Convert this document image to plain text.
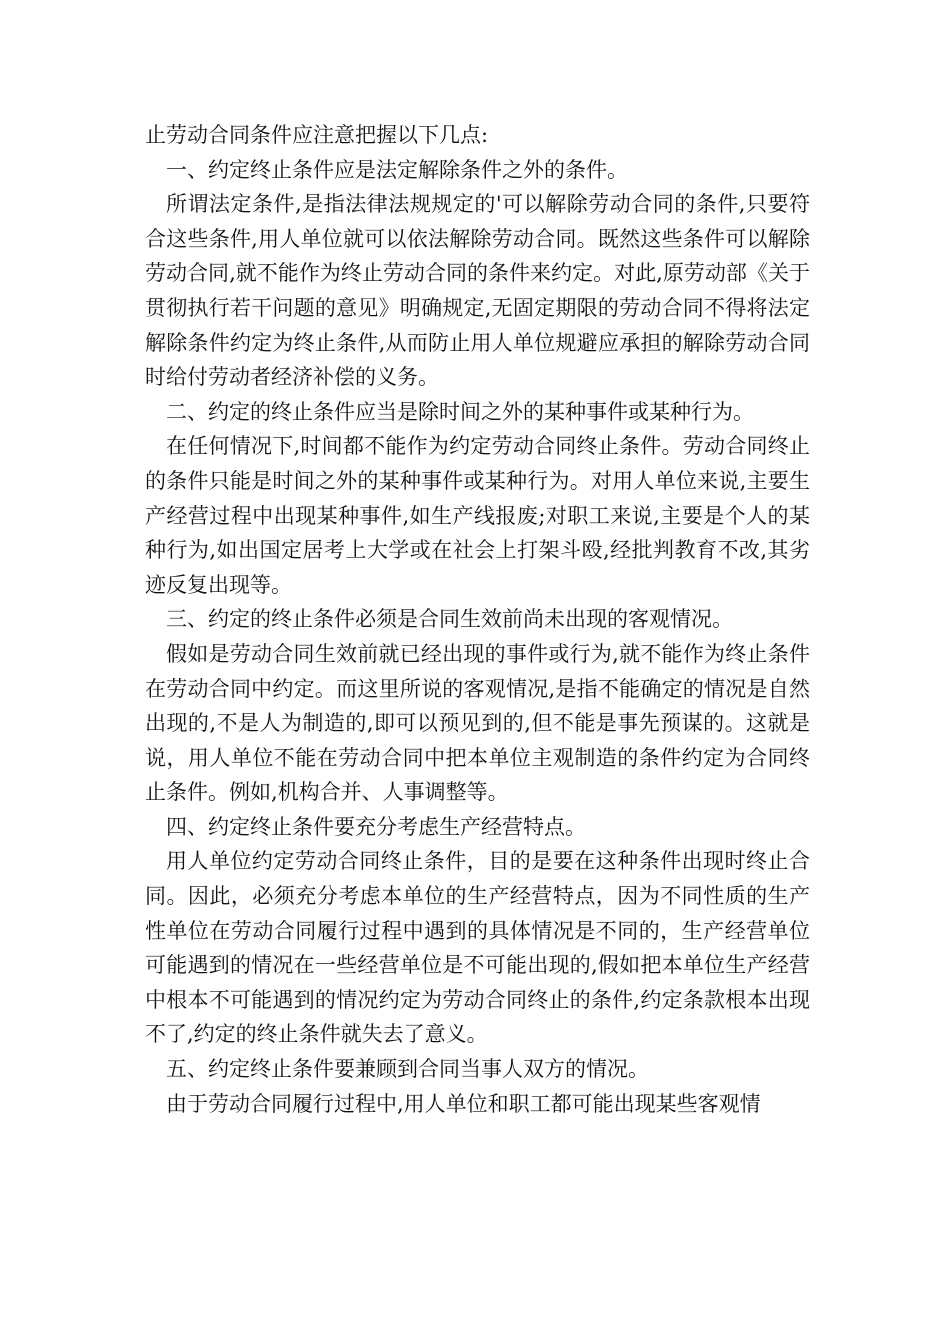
止劳动合同条件应注意把握以下几点:

一、约定终止条件应是法定解除条件之外的条件。

所谓法定条件,是指法律法规规定的'可以解除劳动合同的条件,只要符合这些条件,用人单位就可以依法解除劳动合同。既然这些条件可以解除劳动合同,就不能作为终止劳动合同的条件来约定。对此,原劳动部《关于贯彻执行若干问题的意见》明确规定,无固定期限的劳动合同不得将法定解除条件约定为终止条件,从而防止用人单位规避应承担的解除劳动合同时给付劳动者经济补偿的义务。

二、约定的终止条件应当是除时间之外的某种事件或某种行为。

在任何情况下,时间都不能作为约定劳动合同终止条件。劳动合同终止的条件只能是时间之外的某种事件或某种行为。对用人单位来说,主要生产经营过程中出现某种事件,如生产线报废;对职工来说,主要是个人的某种行为,如出国定居考上大学或在社会上打架斗殴,经批判教育不改,其劣迹反复出现等。

三、约定的终止条件必须是合同生效前尚未出现的客观情况。

假如是劳动合同生效前就已经出现的事件或行为,就不能作为终止条件在劳动合同中约定。而这里所说的客观情况,是指不能确定的情况是自然出现的,不是人为制造的,即可以预见到的,但不能是事先预谋的。这就是说，用人单位不能在劳动合同中把本单位主观制造的条件约定为合同终止条件。例如,机构合并、人事调整等。

四、约定终止条件要充分考虑生产经营特点。

用人单位约定劳动合同终止条件，目的是要在这种条件出现时终止合同。因此，必须充分考虑本单位的生产经营特点，因为不同性质的生产性单位在劳动合同履行过程中遇到的具体情况是不同的，生产经营单位可能遇到的情况在一些经营单位是不可能出现的,假如把本单位生产经营中根本不可能遇到的情况约定为劳动合同终止的条件,约定条款根本出现不了,约定的终止条件就失去了意义。

五、约定终止条件要兼顾到合同当事人双方的情况。

由于劳动合同履行过程中,用人单位和职工都可能出现某些客观情
